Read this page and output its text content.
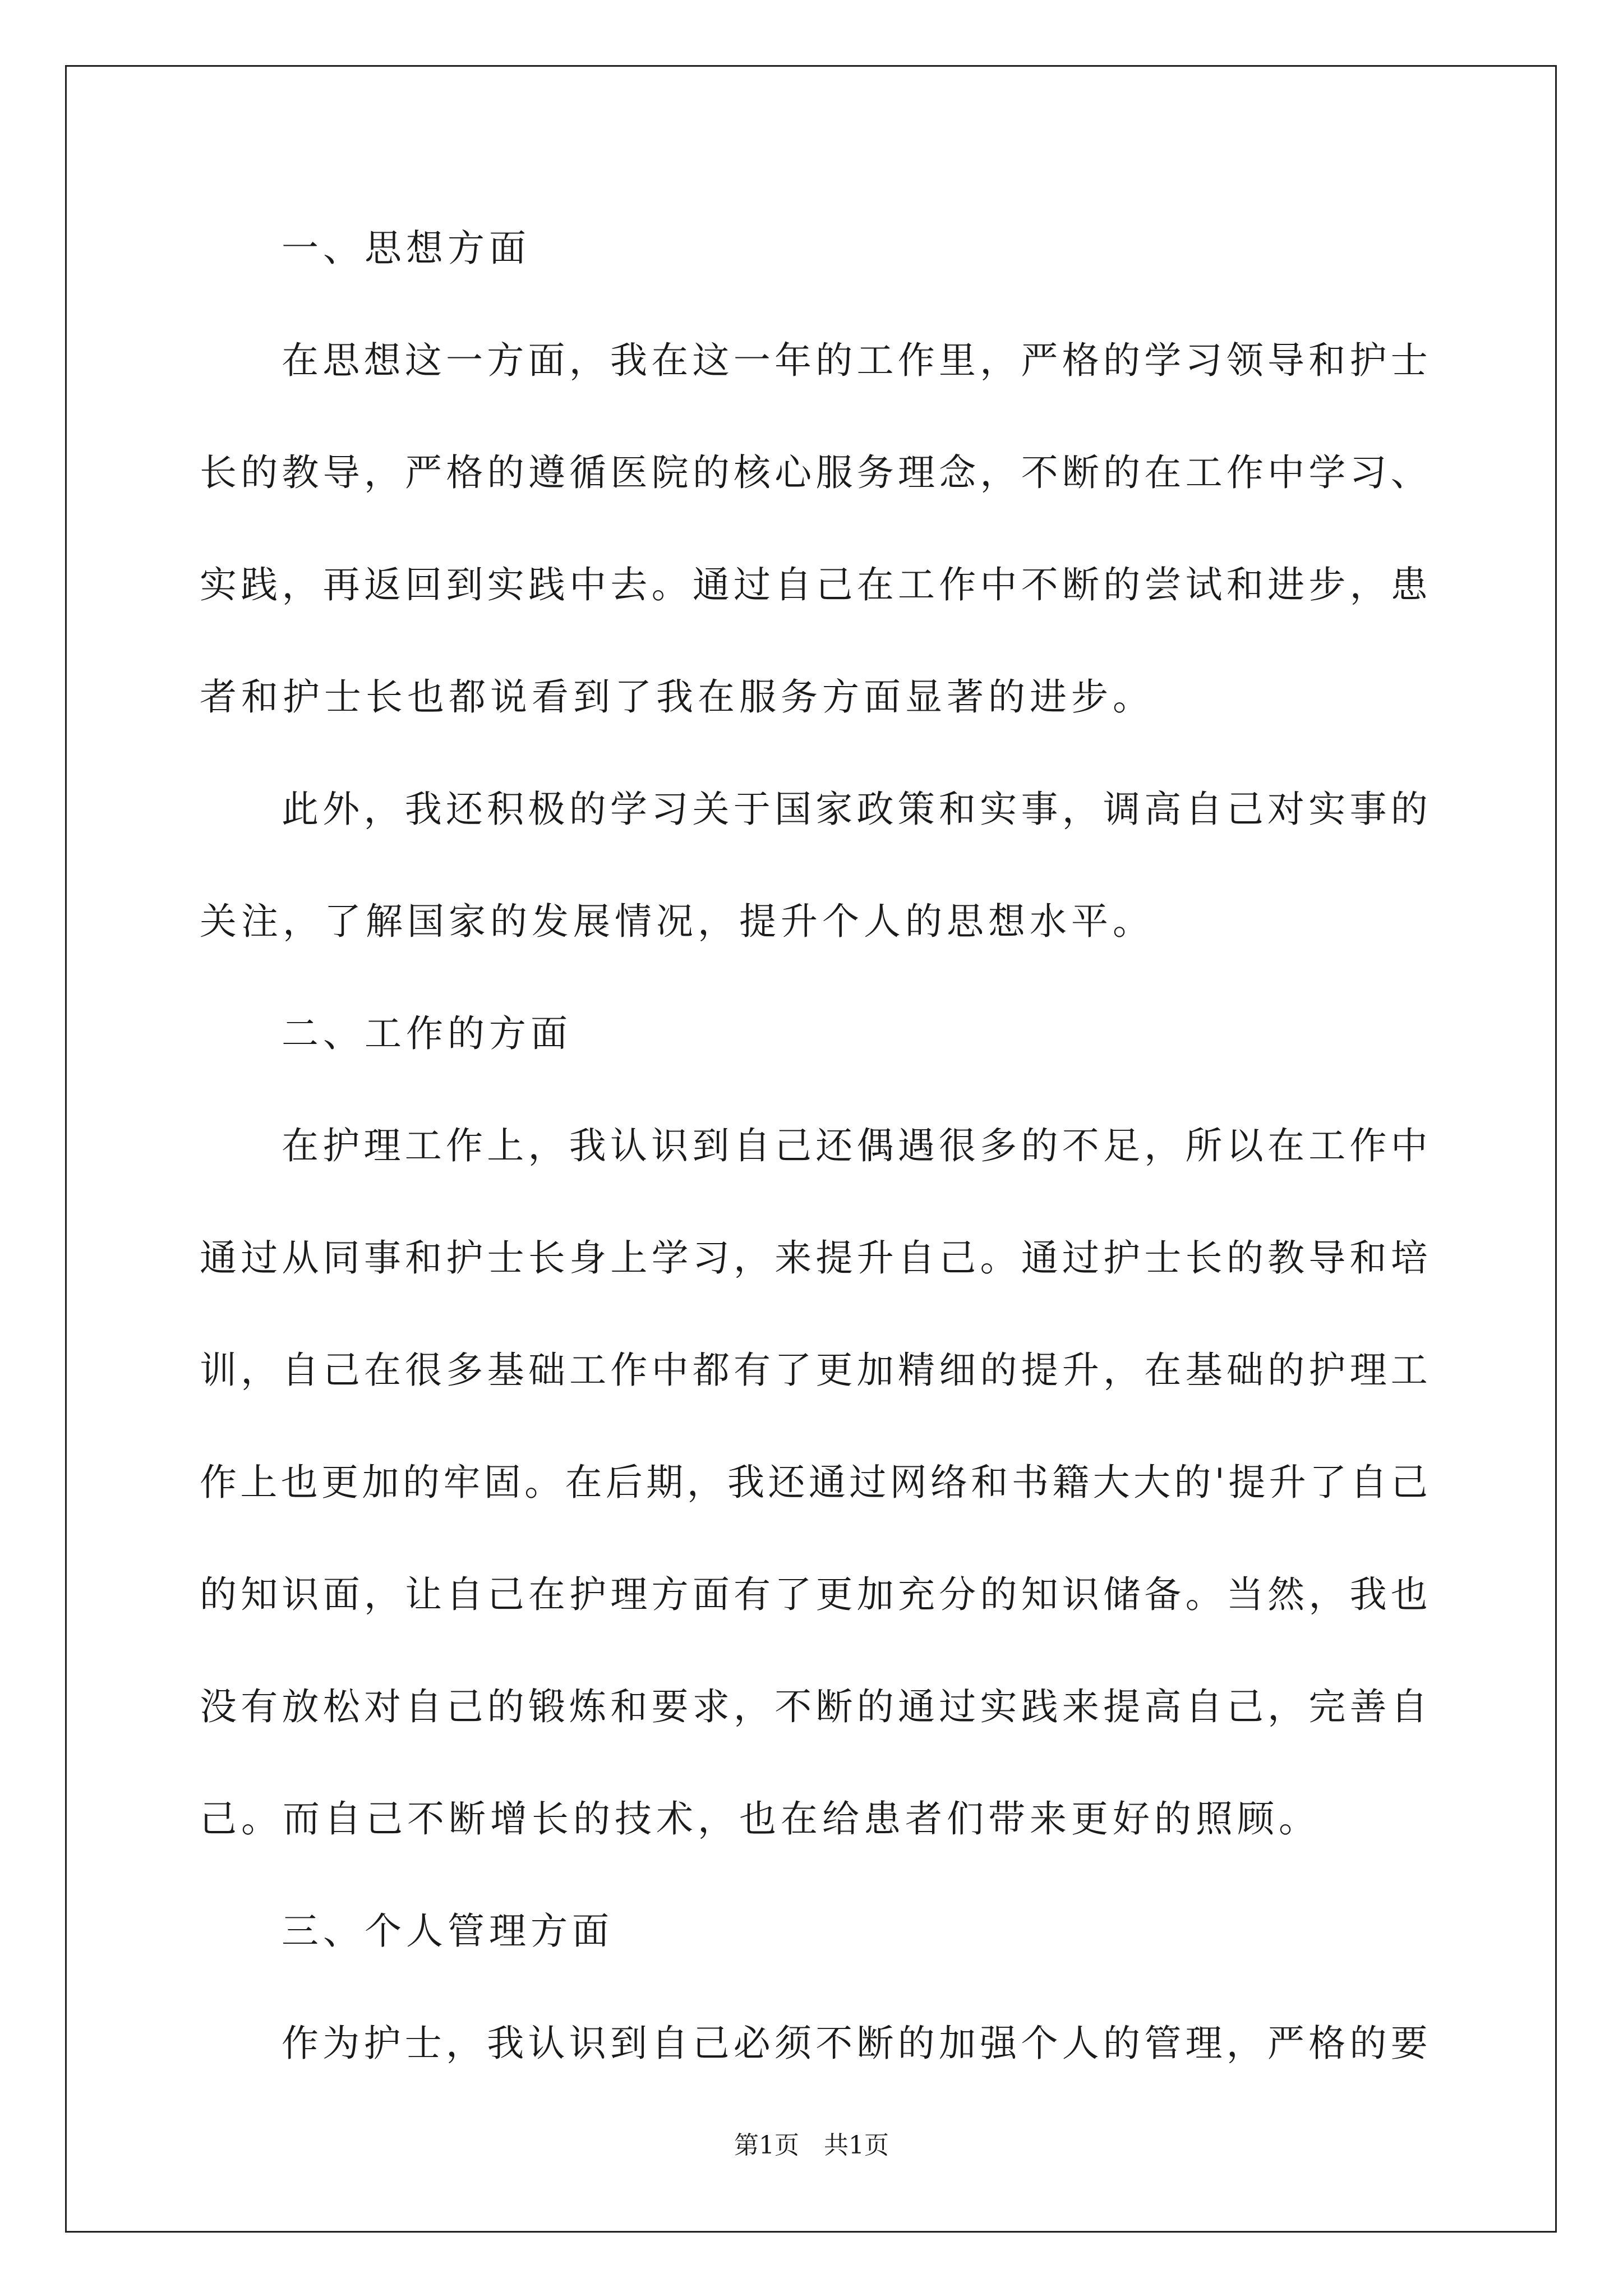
一、思想方面
在 思 想 这 一 方 面 ， 我 在 这 一 年 的 工 作 里 ， 严 格 的 学 习 领 导 和 护 士
长 的 教 导 ， 严 格 的 遵 循 医 院 的 核 心 服 务 理 念 ， 不 断 的 在 工 作 中 学 习 、
实 践 ， 再 返 回 到 实 践 中 去 。 通 过 自 己 在 工 作 中 不 断 的 尝 试 和 进 步 ， 患
者和护士长也都说看到了我在服务方面显著的进步。
此 外 ， 我 还 积 极 的 学 习 关 于 国 家 政 策 和 实 事 ， 调 高 自 己 对 实 事 的
关注，了解国家的发展情况，提升个人的思想水平。
二、工作的方面
在 护 理 工 作 上 ， 我 认 识 到 自 己 还 偶 遇 很 多 的 不 足 ， 所 以 在 工 作 中
通 过 从 同 事 和 护 士 长 身 上 学 习 ， 来 提 升 自 己 。 通 过 护 士 长 的 教 导 和 培
训 ， 自 己 在 很 多 基 础 工 作 中 都 有 了 更 加 精 细 的 提 升 ， 在 基 础 的 护 理 工
作 上 也 更 加 的 牢 固 。 在 后 期 ， 我 还 通 过 网 络 和 书 籍 大 大 的 ' 提 升 了 自 己
的 知 识 面 ， 让 自 己 在 护 理 方 面 有 了 更 加 充 分 的 知 识 储 备 。 当 然 ， 我 也
没 有 放 松 对 自 己 的 锻 炼 和 要 求 ， 不 断 的 通 过 实 践 来 提 高 自 己 ， 完 善 自
己。而自己不断增长的技术，也在给患者们带来更好的照顾。
三、个人管理方面
作 为 护 士 ， 我 认 识 到 自 己 必 须 不 断 的 加 强 个 人 的 管 理 ， 严 格 的 要
第1页　共1页
